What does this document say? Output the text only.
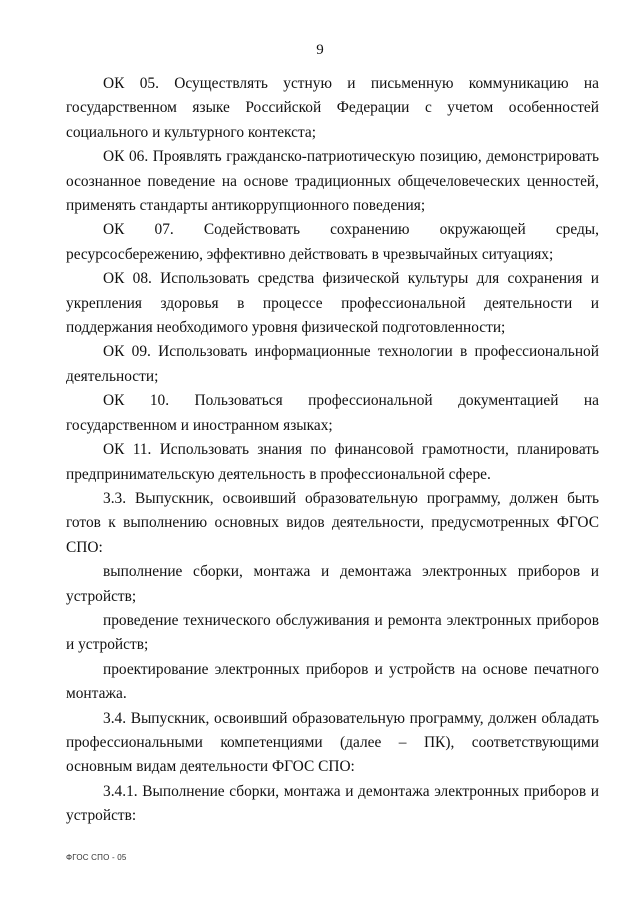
9

ОК 05. Осуществлять устную и письменную коммуникацию на государственном языке Российской Федерации с учетом особенностей социального и культурного контекста;

ОК 06. Проявлять гражданско-патриотическую позицию, демонстрировать осознанное поведение на основе традиционных общечеловеческих ценностей, применять стандарты антикоррупционного поведения;

ОК 07. Содействовать сохранению окружающей среды, ресурсосбережению, эффективно действовать в чрезвычайных ситуациях;

ОК 08. Использовать средства физической культуры для сохранения и укрепления здоровья в процессе профессиональной деятельности и поддержания необходимого уровня физической подготовленности;

ОК 09. Использовать информационные технологии в профессиональной деятельности;

ОК 10. Пользоваться профессиональной документацией на государственном и иностранном языках;

ОК 11. Использовать знания по финансовой грамотности, планировать предпринимательскую деятельность в профессиональной сфере.

3.3. Выпускник, освоивший образовательную программу, должен быть готов к выполнению основных видов деятельности, предусмотренных ФГОС СПО:

выполнение сборки, монтажа и демонтажа электронных приборов и устройств;

проведение технического обслуживания и ремонта электронных приборов и устройств;

проектирование электронных приборов и устройств на основе печатного монтажа.

3.4. Выпускник, освоивший образовательную программу, должен обладать профессиональными компетенциями (далее – ПК), соответствующими основным видам деятельности ФГОС СПО:

3.4.1. Выполнение сборки, монтажа и демонтажа электронных приборов и устройств:

ФГОС СПО - 05
